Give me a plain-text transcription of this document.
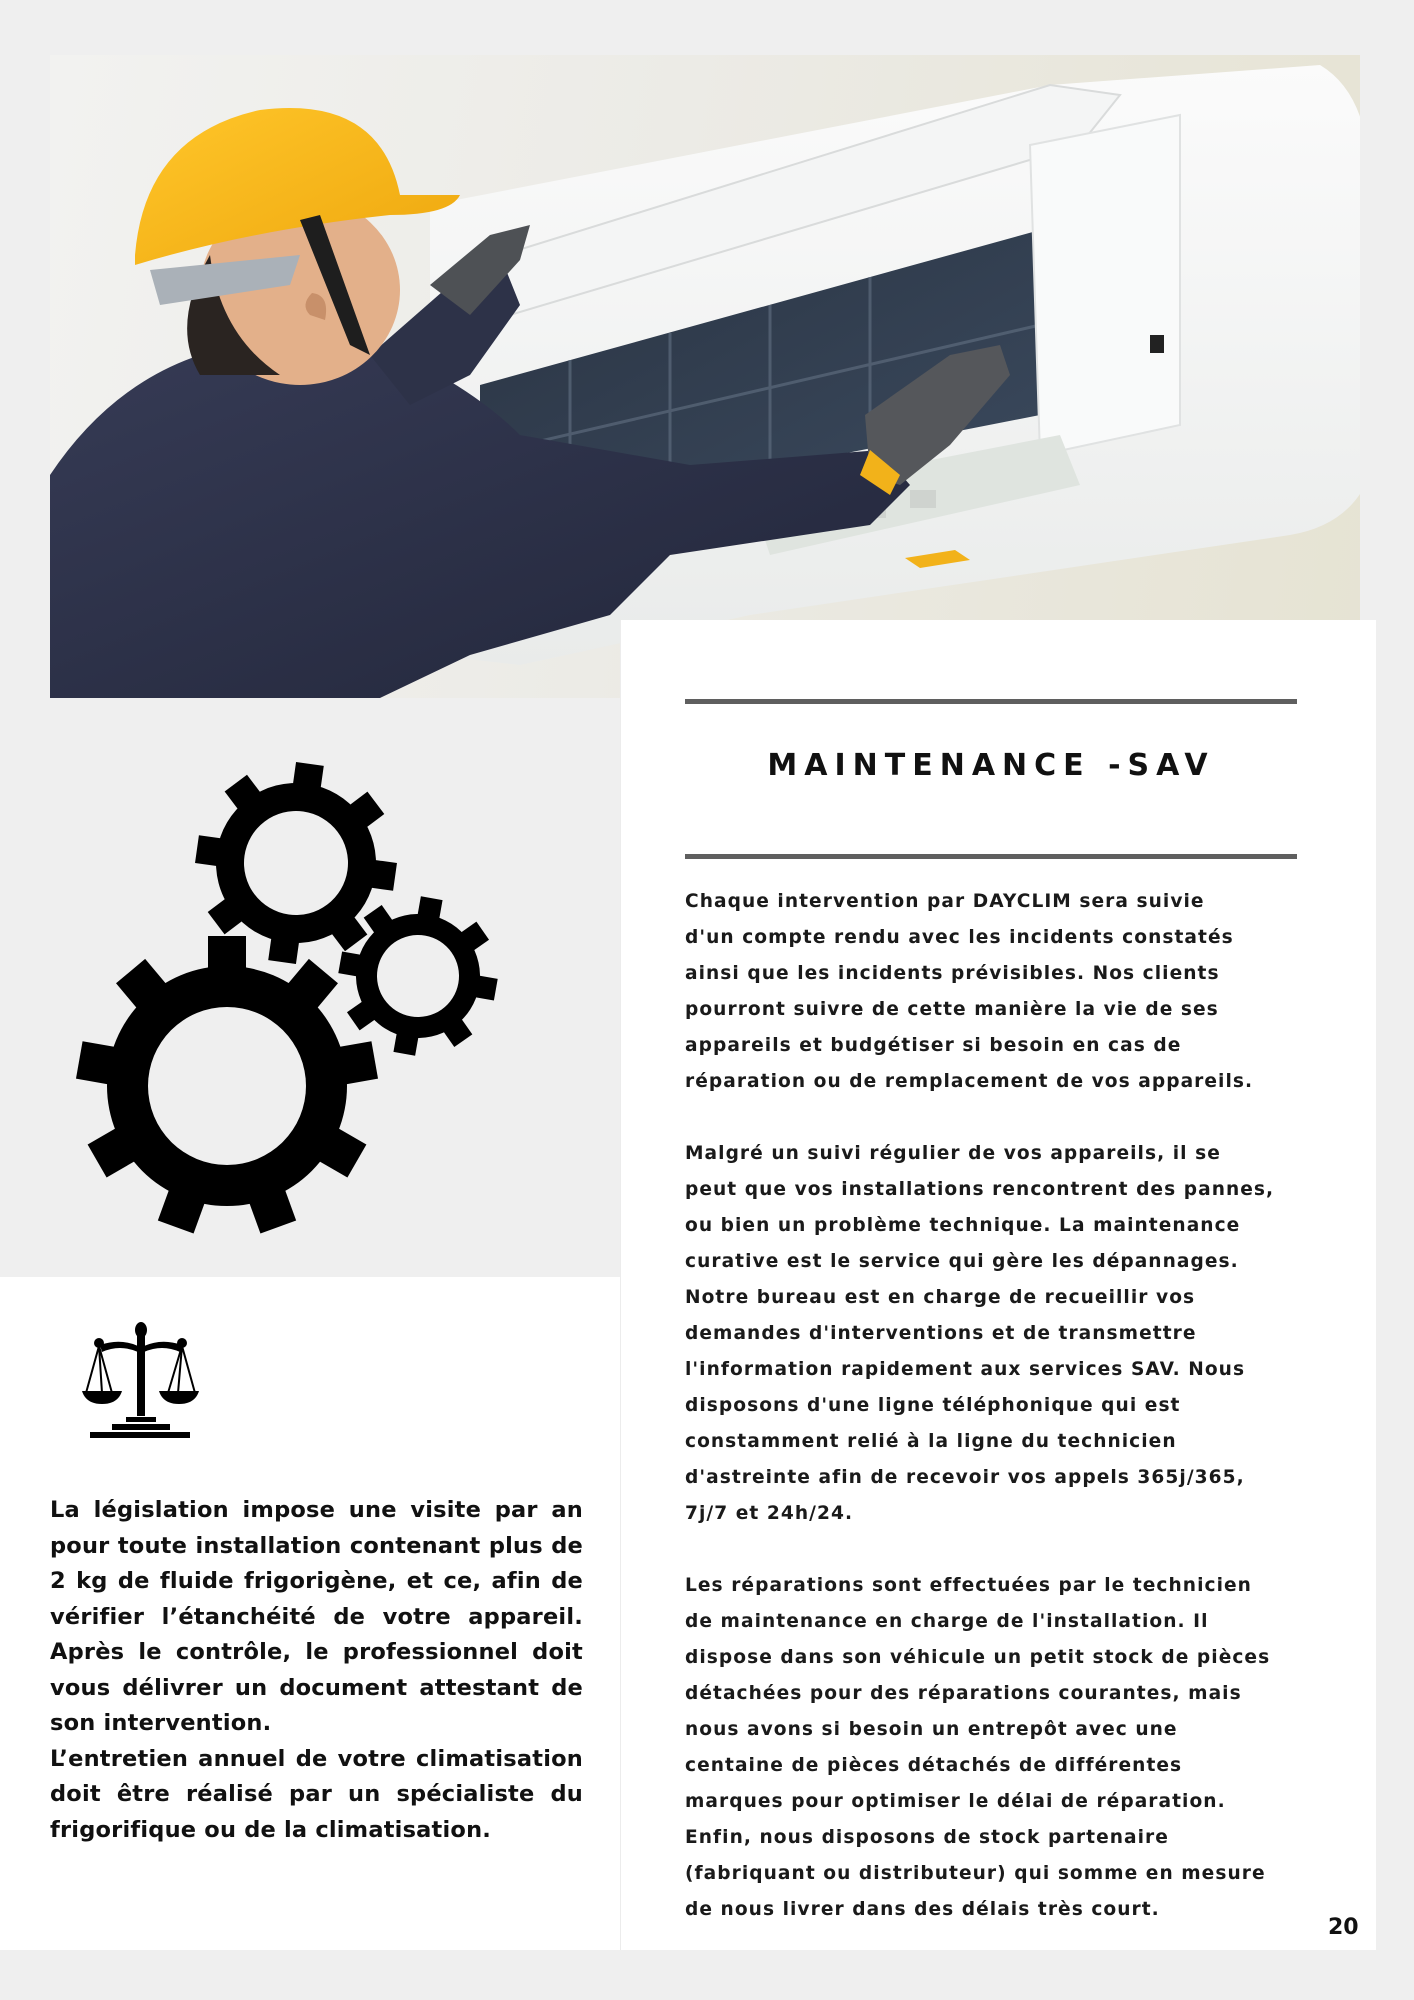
La législation impose une visite par an pour toute installation contenant plus de 2 kg de fluide frigorigène, et ce, afin de vérifier l’étanchéité de votre appareil. Après le contrôle, le professionnel doit vous délivrer un document attestant de son intervention.

L’entretien annuel de votre climatisation doit être réalisé par un spécialiste du frigorifique ou de la climatisation.

MAINTENANCE -SAV

Chaque intervention par DAYCLIM sera suivie
d'un compte rendu avec les incidents constatés
ainsi que les incidents prévisibles. Nos clients
pourront suivre de cette manière la vie de ses
appareils et budgétiser si besoin en cas de
réparation ou de remplacement de vos appareils.

Malgré un suivi régulier de vos appareils, il se
peut que vos installations rencontrent des pannes,
ou bien un problème technique. La maintenance
curative est le service qui gère les dépannages.
Notre bureau est en charge de recueillir vos
demandes d'interventions et de transmettre
l'information rapidement aux services SAV. Nous
disposons d'une ligne téléphonique qui est
constamment relié à la ligne du technicien
d'astreinte afin de recevoir vos appels 365j/365,
7j/7 et 24h/24.

Les réparations sont effectuées par le technicien
de maintenance en charge de l'installation. Il
dispose dans son véhicule un petit stock de pièces
détachées pour des réparations courantes, mais
nous avons si besoin un entrepôt avec une
centaine de pièces détachés de différentes
marques pour optimiser le délai de réparation.
Enfin, nous disposons de stock partenaire
(fabriquant ou distributeur) qui somme en mesure
de nous livrer dans des délais très court.

20
